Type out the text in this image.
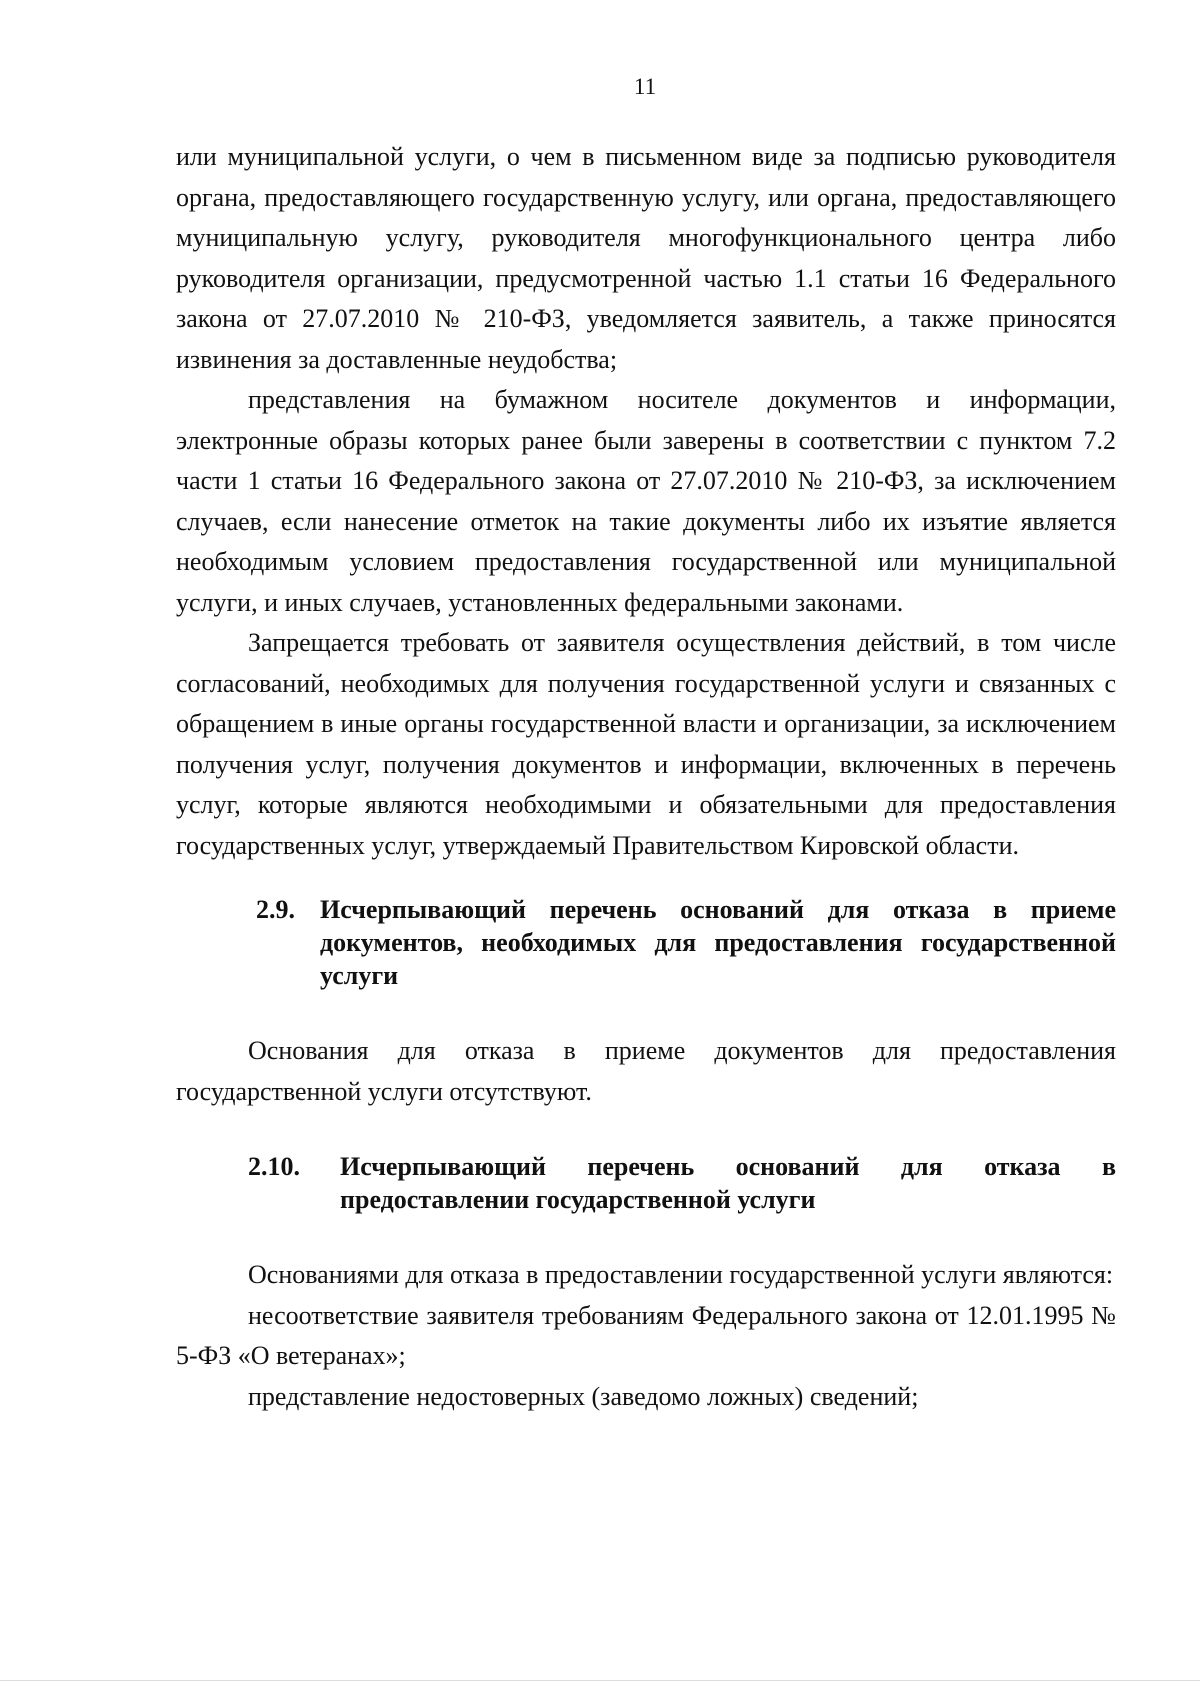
11

или муниципальной услуги, о чем в письменном виде за подписью руководителя органа, предоставляющего государственную услугу, или органа, предоставляющего муниципальную услугу, руководителя многофункционального центра либо руководителя организации, предусмотренной частью 1.1 статьи 16 Федерального закона от 27.07.2010 № 210-ФЗ, уведомляется заявитель, а также приносятся извинения за доставленные неудобства;

представления на бумажном носителе документов и информации, электронные образы которых ранее были заверены в соответствии с пунктом 7.2 части 1 статьи 16 Федерального закона от 27.07.2010 № 210-ФЗ, за исключением случаев, если нанесение отметок на такие документы либо их изъятие является необходимым условием предоставления государственной или муниципальной услуги, и иных случаев, установленных федеральными законами.

Запрещается требовать от заявителя осуществления действий, в том числе согласований, необходимых для получения государственной услуги и связанных с обращением в иные органы государственной власти и организации, за исключением получения услуг, получения документов и информации, включенных в перечень услуг, которые являются необходимыми и обязательными для предоставления государственных услуг, утверждаемый Правительством Кировской области.

2.9. Исчерпывающий перечень оснований для отказа в приеме документов, необходимых для предоставления государственной услуги

Основания для отказа в приеме документов для предоставления государственной услуги отсутствуют.

2.10.	Исчерпывающий перечень оснований для отказа в предоставлении государственной услуги

Основаниями для отказа в предоставлении государственной услуги являются:

несоответствие заявителя требованиям Федерального закона от 12.01.1995 № 5-ФЗ «О ветеранах»;

представление недостоверных (заведомо ложных) сведений;
